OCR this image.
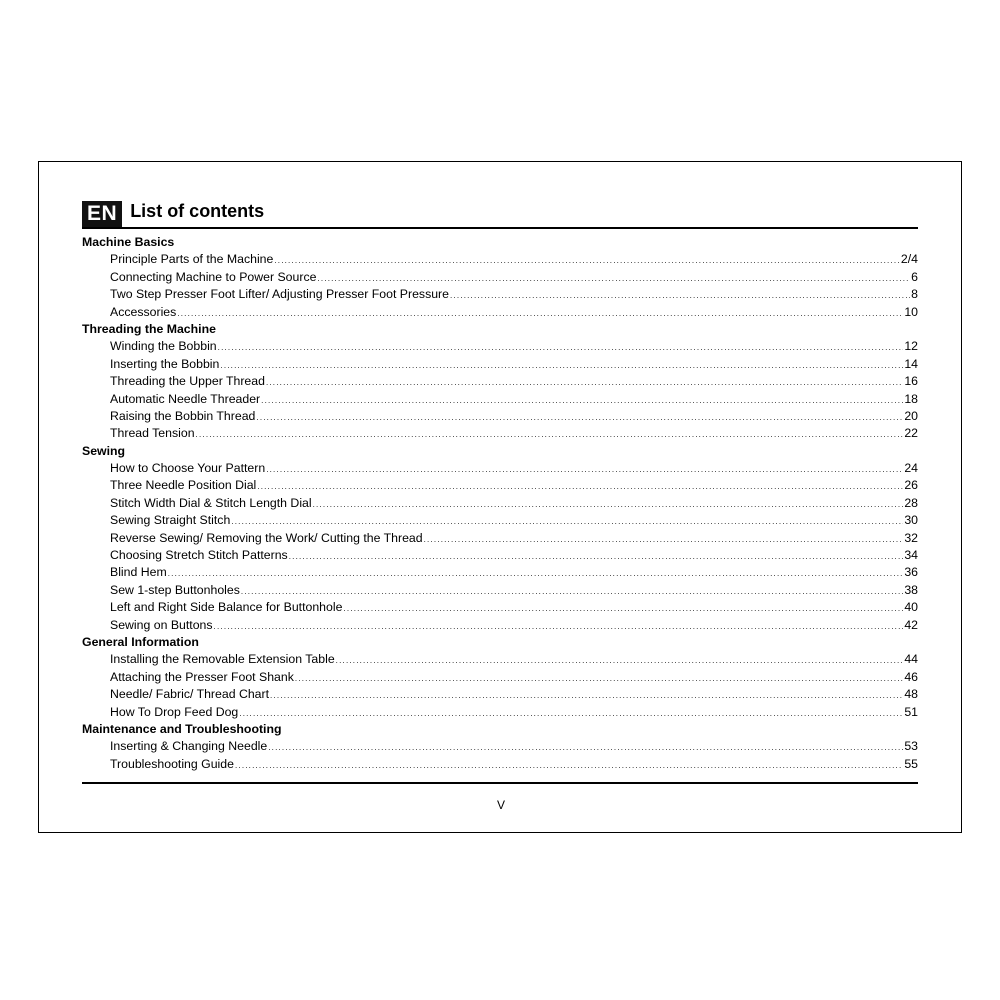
EN List of contents
Machine Basics
Principle Parts of the Machine .....	2/4
Connecting Machine to Power Source .....	6
Two Step Presser Foot Lifter/ Adjusting Presser Foot Pressure .....	8
Accessories .....	10
Threading the Machine
Winding the Bobbin .....	12
Inserting the Bobbin .....	14
Threading the Upper Thread .....	16
Automatic Needle Threader .....	18
Raising the Bobbin Thread .....	20
Thread Tension .....	22
Sewing
How to Choose Your Pattern .....	24
Three Needle Position Dial .....	26
Stitch Width Dial & Stitch Length Dial .....	28
Sewing Straight Stitch .....	30
Reverse Sewing/ Removing the Work/ Cutting the Thread .....	32
Choosing Stretch Stitch Patterns .....	34
Blind Hem .....	36
Sew 1-step Buttonholes .....	38
Left and Right Side Balance for Buttonhole .....	40
Sewing on Buttons .....	42
General Information
Installing the Removable Extension Table .....	44
Attaching the Presser Foot Shank .....	46
Needle/ Fabric/ Thread Chart .....	48
How To Drop Feed Dog .....	51
Maintenance and Troubleshooting
Inserting & Changing Needle .....	53
Troubleshooting Guide .....	55
V
